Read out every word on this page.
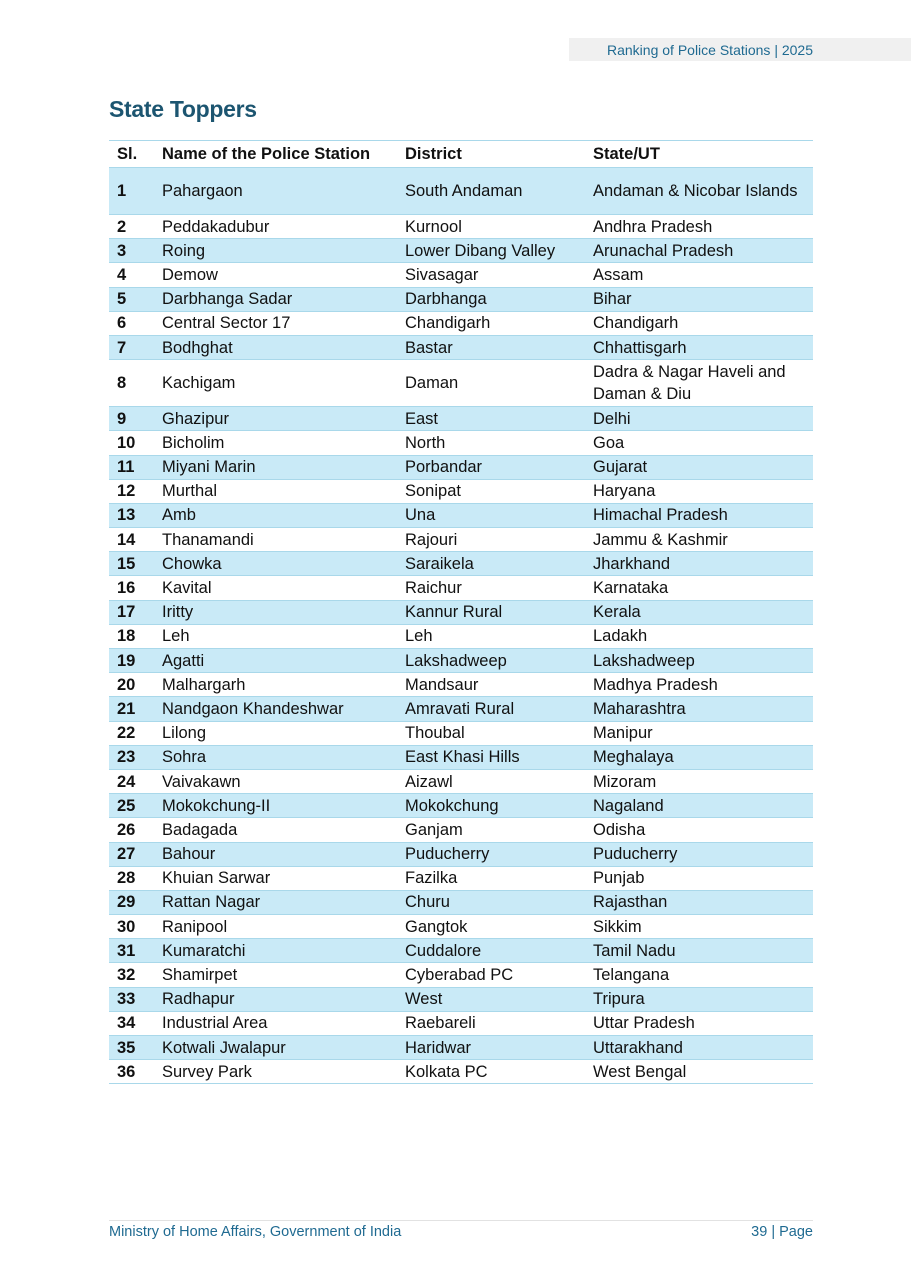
Ranking of Police Stations | 2025
State Toppers
Sl.	Name of the Police Station	District	State/UT
1	Pahargaon	South Andaman	Andaman & Nicobar Islands
2	Peddakadubur	Kurnool	Andhra Pradesh
3	Roing	Lower Dibang Valley	Arunachal Pradesh
4	Demow	Sivasagar	Assam
5	Darbhanga Sadar	Darbhanga	Bihar
6	Central Sector 17	Chandigarh	Chandigarh
7	Bodhghat	Bastar	Chhattisgarh
8	Kachigam	Daman	Dadra & Nagar Haveli and Daman & Diu
9	Ghazipur	East	Delhi
10	Bicholim	North	Goa
11	Miyani Marin	Porbandar	Gujarat
12	Murthal	Sonipat	Haryana
13	Amb	Una	Himachal Pradesh
14	Thanamandi	Rajouri	Jammu & Kashmir
15	Chowka	Saraikela	Jharkhand
16	Kavital	Raichur	Karnataka
17	Iritty	Kannur Rural	Kerala
18	Leh	Leh	Ladakh
19	Agatti	Lakshadweep	Lakshadweep
20	Malhargarh	Mandsaur	Madhya Pradesh
21	Nandgaon Khandeshwar	Amravati Rural	Maharashtra
22	Lilong	Thoubal	Manipur
23	Sohra	East Khasi Hills	Meghalaya
24	Vaivakawn	Aizawl	Mizoram
25	Mokokchung-II	Mokokchung	Nagaland
26	Badagada	Ganjam	Odisha
27	Bahour	Puducherry	Puducherry
28	Khuian Sarwar	Fazilka	Punjab
29	Rattan Nagar	Churu	Rajasthan
30	Ranipool	Gangtok	Sikkim
31	Kumaratchi	Cuddalore	Tamil Nadu
32	Shamirpet	Cyberabad PC	Telangana
33	Radhapur	West	Tripura
34	Industrial Area	Raebareli	Uttar Pradesh
35	Kotwali Jwalapur	Haridwar	Uttarakhand
36	Survey Park	Kolkata PC	West Bengal
Ministry of Home Affairs, Government of India	39 | Page
